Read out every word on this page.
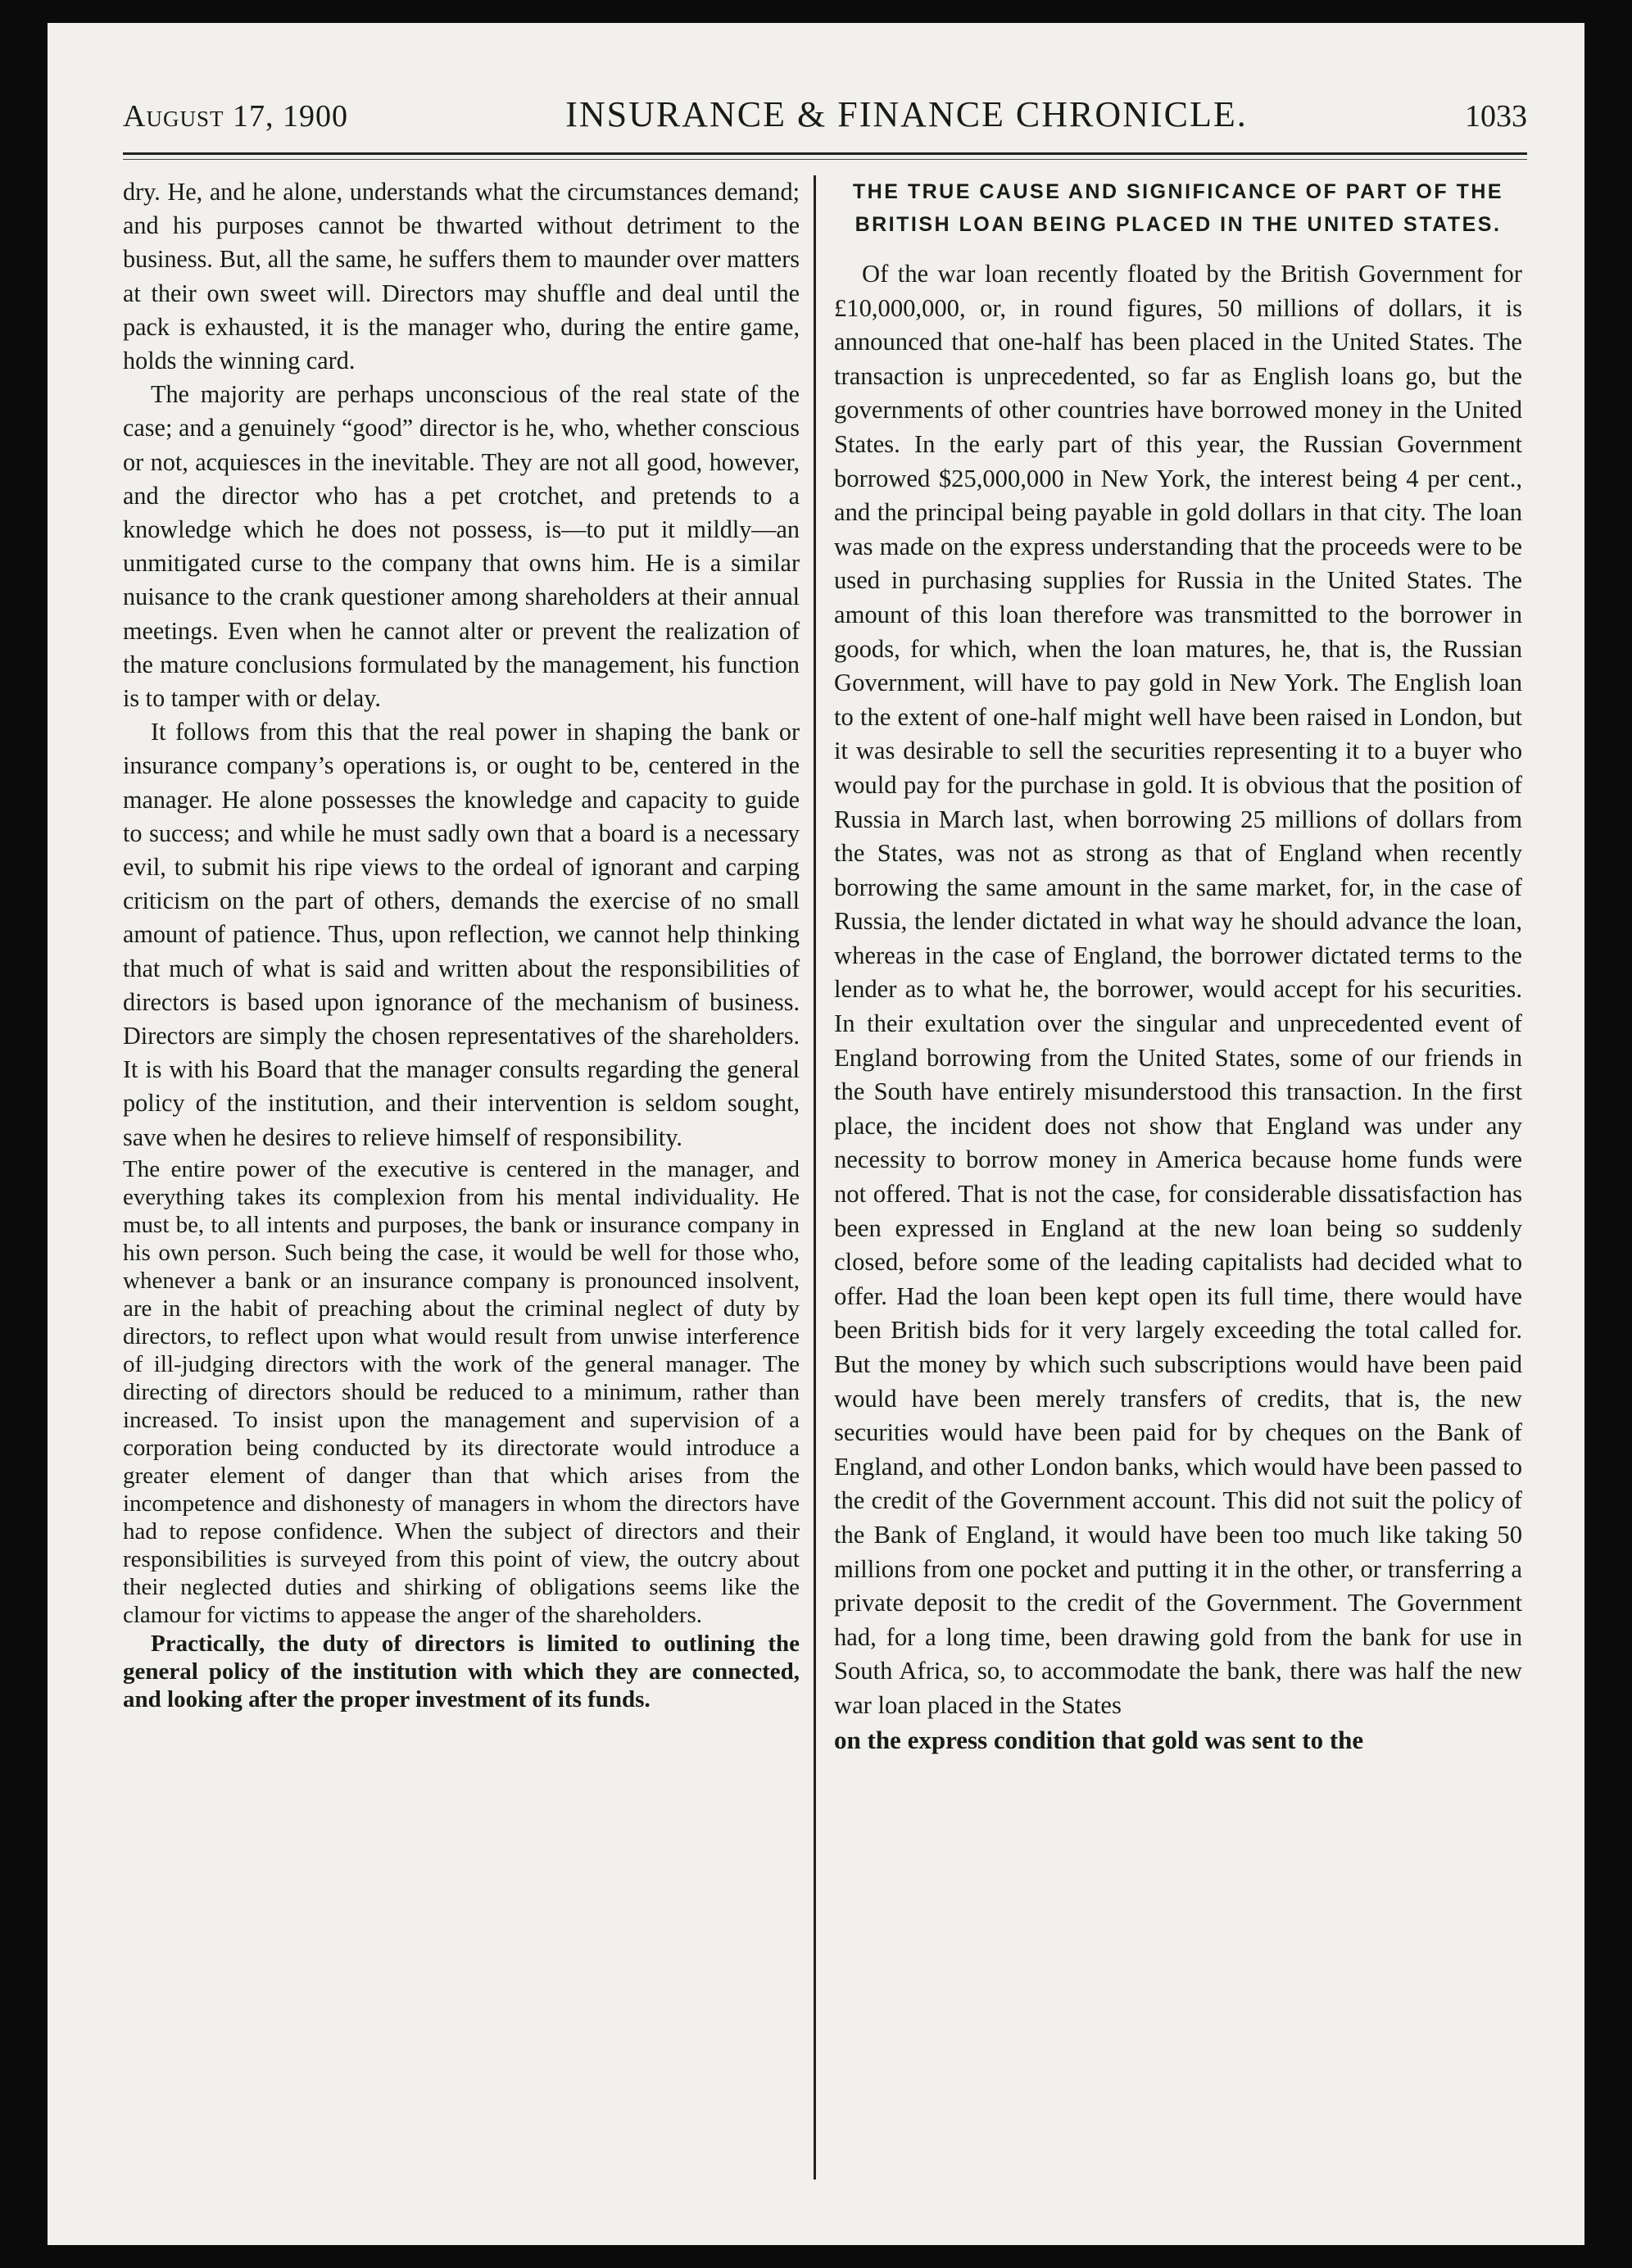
August 17, 1900	INSURANCE & FINANCE CHRONICLE.	1033

dry. He, and he alone, understands what the circumstances demand; and his purposes cannot be thwarted without detriment to the business. But, all the same, he suffers them to maunder over matters at their own sweet will. Directors may shuffle and deal until the pack is exhausted, it is the manager who, during the entire game, holds the winning card.

The majority are perhaps unconscious of the real state of the case; and a genuinely “good” director is he, who, whether conscious or not, acquiesces in the inevitable. They are not all good, however, and the director who has a pet crotchet, and pretends to a knowledge which he does not possess, is—to put it mildly—an unmitigated curse to the company that owns him. He is a similar nuisance to the crank questioner among shareholders at their annual meetings. Even when he cannot alter or prevent the realization of the mature conclusions formulated by the management, his function is to tamper with or delay.

It follows from this that the real power in shaping the bank or insurance company’s operations is, or ought to be, centered in the manager. He alone possesses the knowledge and capacity to guide to success; and while he must sadly own that a board is a necessary evil, to submit his ripe views to the ordeal of ignorant and carping criticism on the part of others, demands the exercise of no small amount of patience. Thus, upon reflection, we cannot help thinking that much of what is said and written about the responsibilities of directors is based upon ignorance of the mechanism of business. Directors are simply the chosen representatives of the shareholders. It is with his Board that the manager consults regarding the general policy of the institution, and their intervention is seldom sought, save when he desires to relieve himself of responsibility.

The entire power of the executive is centered in the manager, and everything takes its complexion from his mental individuality. He must be, to all intents and purposes, the bank or insurance company in his own person. Such being the case, it would be well for those who, whenever a bank or an insurance company is pronounced insolvent, are in the habit of preaching about the criminal neglect of duty by directors, to reflect upon what would result from unwise interference of ill-judging directors with the work of the general manager. The directing of directors should be reduced to a minimum, rather than increased. To insist upon the management and supervision of a corporation being conducted by its directorate would introduce a greater element of danger than that which arises from the incompetence and dishonesty of managers in whom the directors have had to repose confidence. When the subject of directors and their responsibilities is surveyed from this point of view, the outcry about their neglected duties and shirking of obligations seems like the clamour for victims to appease the anger of the shareholders.

Practically, the duty of directors is limited to outlining the general policy of the institution with which they are connected, and looking after the proper investment of its funds.

THE TRUE CAUSE AND SIGNIFICANCE OF PART OF THE BRITISH LOAN BEING PLACED IN THE UNITED STATES.

Of the war loan recently floated by the British Government for £10,000,000, or, in round figures, 50 millions of dollars, it is announced that one-half has been placed in the United States. The transaction is unprecedented, so far as English loans go, but the governments of other countries have borrowed money in the United States. In the early part of this year, the Russian Government borrowed $25,000,000 in New York, the interest being 4 per cent., and the principal being payable in gold dollars in that city. The loan was made on the express understanding that the proceeds were to be used in purchasing supplies for Russia in the United States. The amount of this loan therefore was transmitted to the borrower in goods, for which, when the loan matures, he, that is, the Russian Government, will have to pay gold in New York. The English loan to the extent of one-half might well have been raised in London, but it was desirable to sell the securities representing it to a buyer who would pay for the purchase in gold. It is obvious that the position of Russia in March last, when borrowing 25 millions of dollars from the States, was not as strong as that of England when recently borrowing the same amount in the same market, for, in the case of Russia, the lender dictated in what way he should advance the loan, whereas in the case of England, the borrower dictated terms to the lender as to what he, the borrower, would accept for his securities. In their exultation over the singular and unprecedented event of England borrowing from the United States, some of our friends in the South have entirely misunderstood this transaction. In the first place, the incident does not show that England was under any necessity to borrow money in America because home funds were not offered. That is not the case, for considerable dissatisfaction has been expressed in England at the new loan being so suddenly closed, before some of the leading capitalists had decided what to offer. Had the loan been kept open its full time, there would have been British bids for it very largely exceeding the total called for. But the money by which such subscriptions would have been paid would have been merely transfers of credits, that is, the new securities would have been paid for by cheques on the Bank of England, and other London banks, which would have been passed to the credit of the Government account. This did not suit the policy of the Bank of England, it would have been too much like taking 50 millions from one pocket and putting it in the other, or transferring a private deposit to the credit of the Government. The Government had, for a long time, been drawing gold from the bank for use in South Africa, so, to accommodate the bank, there was half the new war loan placed in the States

on the express condition that gold was sent to the
